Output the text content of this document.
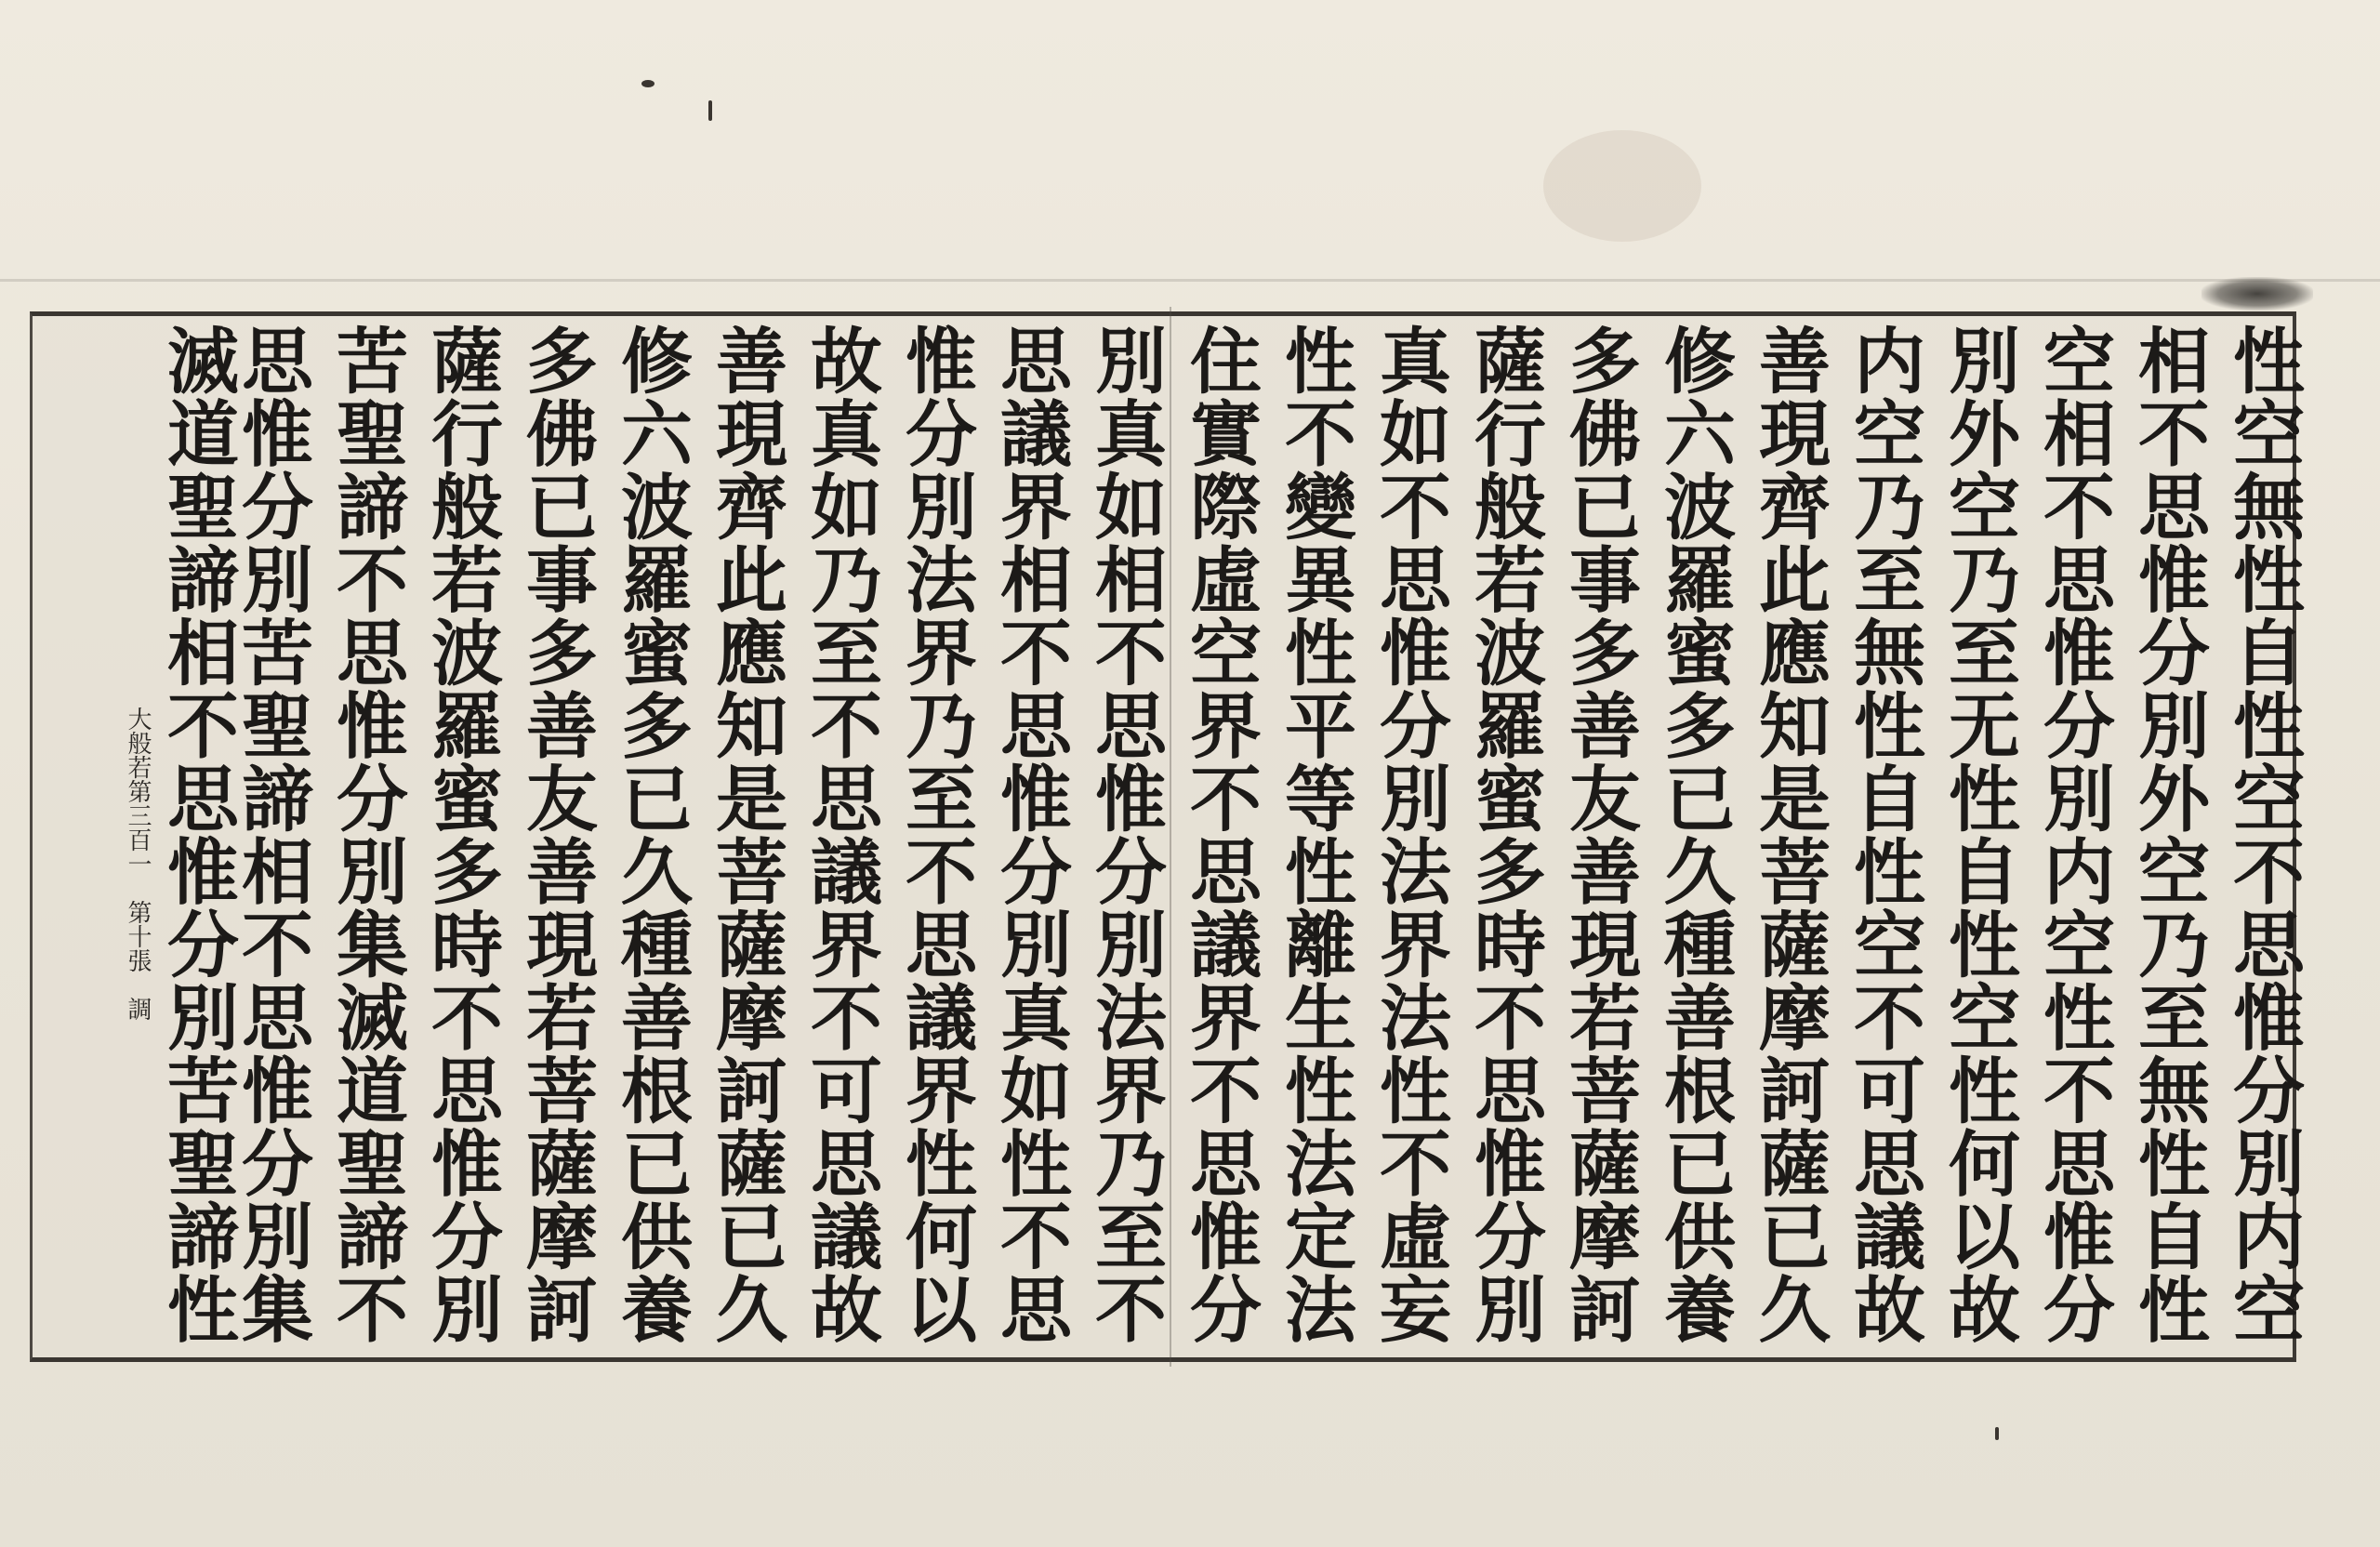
性空無性自性空不思惟分別内空
相不思惟分別外空乃至無性自性
空相不思惟分別内空性不思惟分
別外空乃至无性自性空性何以故
内空乃至無性自性空不可思議故
善現齊此應知是菩薩摩訶薩已久
修六波羅蜜多已久種善根已供養
多佛已事多善友善現若菩薩摩訶
薩行般若波羅蜜多時不思惟分別
真如不思惟分別法界法性不虛妄
性不變異性平等性離生性法定法
住實際虛空界不思議界不思惟分
別真如相不思惟分別法界乃至不
思議界相不思惟分別真如性不思
惟分別法界乃至不思議界性何以
故真如乃至不思議界不可思議故
善現齊此應知是菩薩摩訶薩已久
修六波羅蜜多已久種善根已供養
多佛已事多善友善現若菩薩摩訶
薩行般若波羅蜜多時不思惟分別
苦聖諦不思惟分別集滅道聖諦不
思惟分別苦聖諦相不思惟分別集
滅道聖諦相不思惟分別苦聖諦性
大般若第三百一　第十張　調
